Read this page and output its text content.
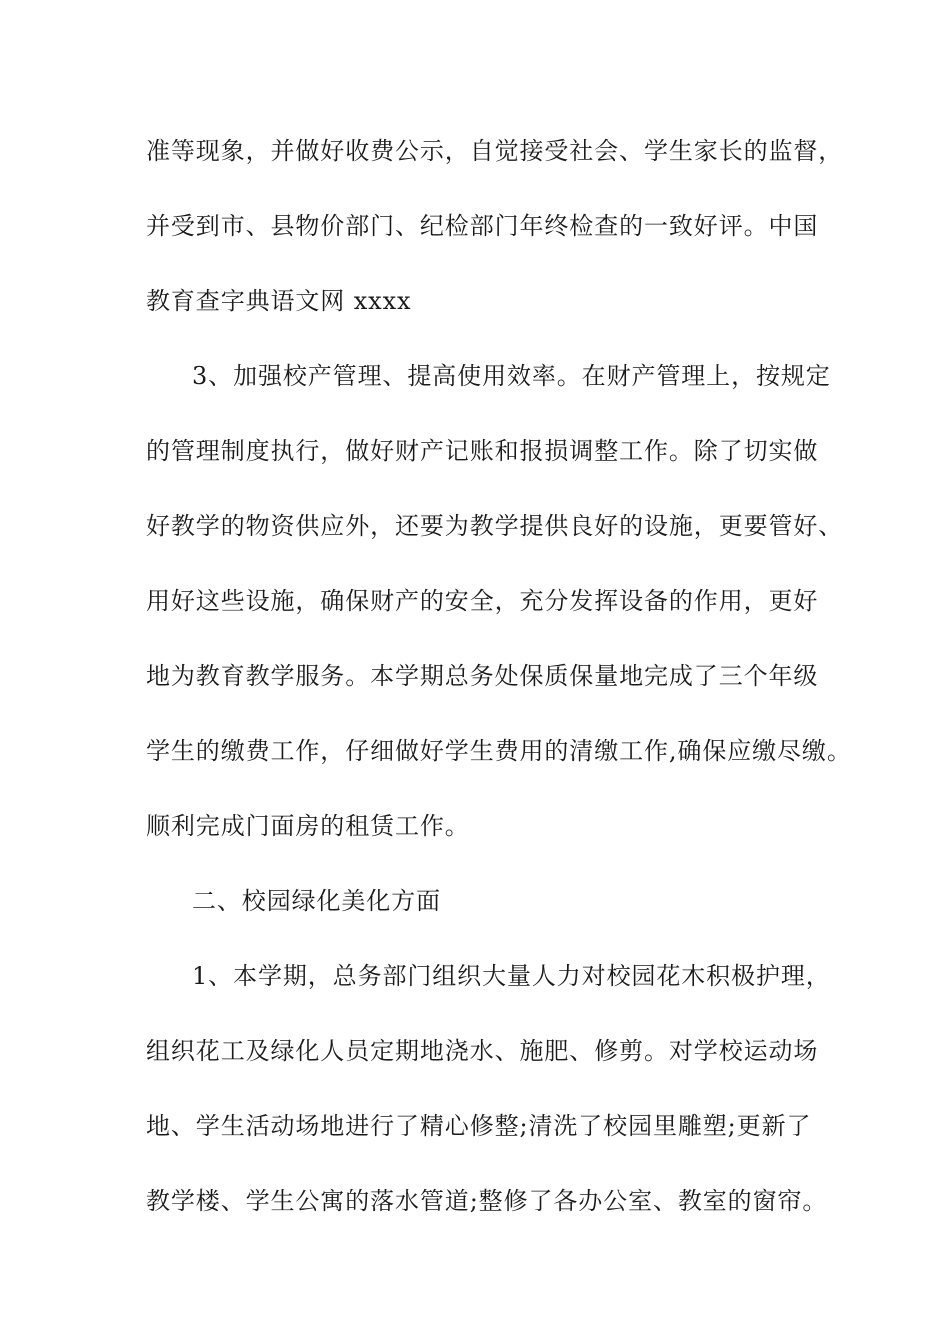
准等现象，并做好收费公示，自觉接受社会、学生家长的监督，
并受到市、县物价部门、纪检部门年终检查的一致好评。中国
教育查字典语文网 xxxx
3、加强校产管理、提高使用效率。在财产管理上，按规定
的管理制度执行，做好财产记账和报损调整工作。除了切实做
好教学的物资供应外，还要为教学提供良好的设施，更要管好、
用好这些设施，确保财产的安全，充分发挥设备的作用，更好
地为教育教学服务。本学期总务处保质保量地完成了三个年级
学生的缴费工作，仔细做好学生费用的清缴工作,确保应缴尽缴。
顺利完成门面房的租赁工作。
二、校园绿化美化方面
1、本学期，总务部门组织大量人力对校园花木积极护理，
组织花工及绿化人员定期地浇水、施肥、修剪。对学校运动场
地、学生活动场地进行了精心修整;清洗了校园里雕塑;更新了
教学楼、学生公寓的落水管道;整修了各办公室、教室的窗帘。
